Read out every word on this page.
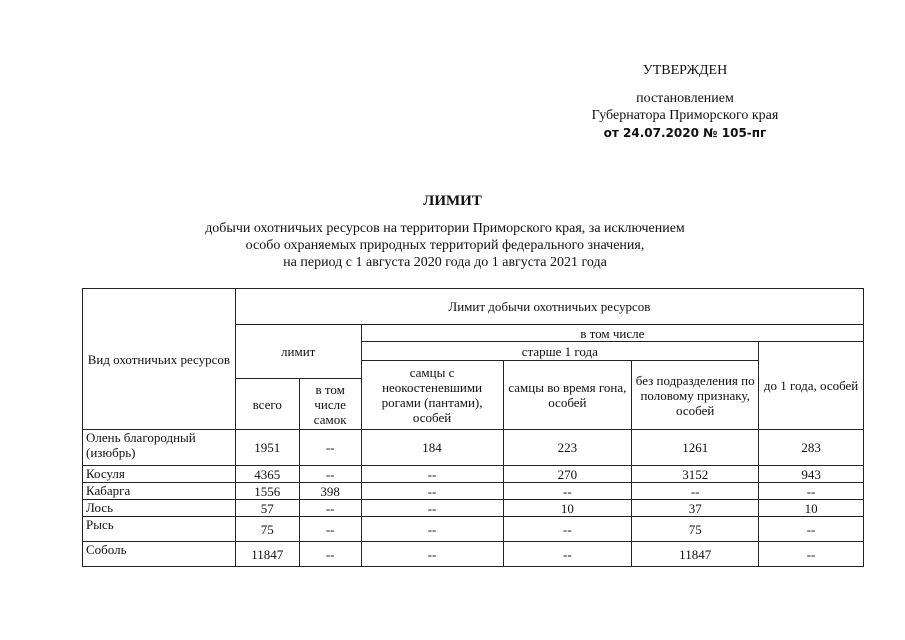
УТВЕРЖДЕН
постановлением
Губернатора Приморского края
от 24.07.2020 № 105-пг
ЛИМИТ
добычи охотничьих ресурсов на территории Приморского края, за исключением
особо охраняемых природных территорий федерального значения,
на период с 1 августа 2020 года до 1 августа 2021 года
Вид охотничьих ресурсов	Лимит добычи охотничьих ресурсов					
	лимит		в том числе			
			старше 1 года			до 1 года, особей
			самцы с неокостеневшими рогами (пантами), особей	самцы во время гона, особей	без подразделения по половому признаку, особей	
	всего	в том числе самок				
Олень благородный (изюбрь)	1951	--	184	223	1261	283
Косуля	4365	--	--	270	3152	943
Кабарга	1556	398	--	--	--	--
Лось	57	--	--	10	37	10
Рысь	75	--	--	--	75	--
Соболь	11847	--	--	--	11847	--
